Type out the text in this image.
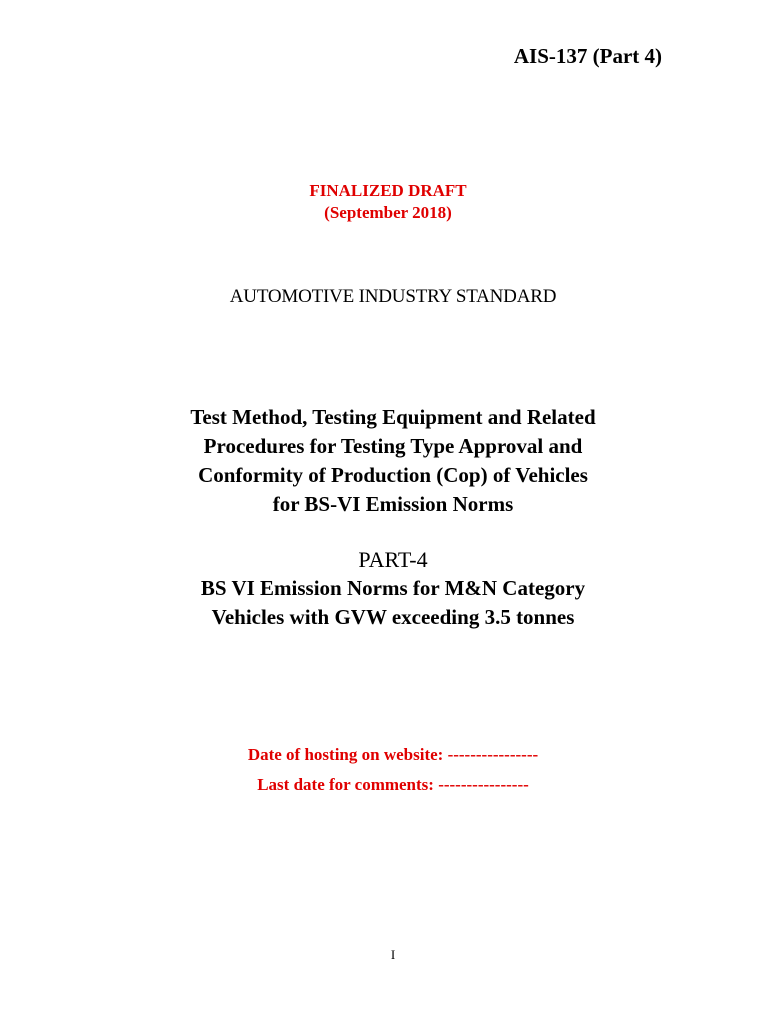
AIS-137 (Part 4)
FINALIZED DRAFT
(September 2018)
AUTOMOTIVE INDUSTRY STANDARD
Test Method, Testing Equipment and Related
Procedures for Testing Type Approval and
Conformity of Production (Cop) of Vehicles
for BS-VI Emission Norms
PART-4
BS VI Emission Norms for M&N Category
Vehicles with GVW exceeding 3.5 tonnes
Date of hosting on website: ----------------
Last date for comments: ----------------
I
